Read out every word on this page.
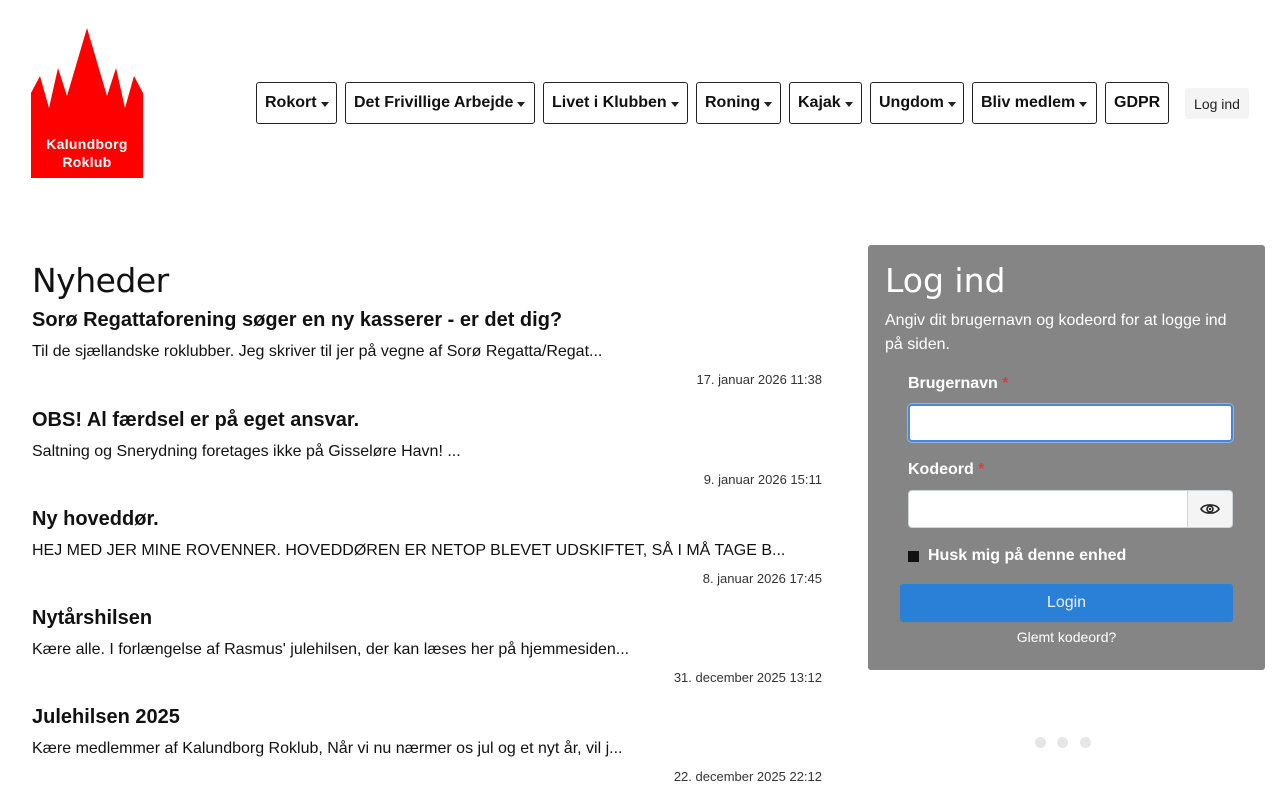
Kalundborg
Roklub
Rokort Det Frivillige Arbejde Livet i Klubben Roning Kajak Ungdom Bliv medlem GDPR	Log ind
Nyheder
Sorø Regattaforening søger en ny kasserer - er det dig?
Til de sjællandske roklubber. Jeg skriver til jer på vegne af Sorø Regatta/Regat...
17. januar 2026 11:38
OBS! Al færdsel er på eget ansvar.
Saltning og Snerydning foretages ikke på Gisseløre Havn! ...
9. januar 2026 15:11
Ny hoveddør.
HEJ MED JER MINE ROVENNER. HOVEDDØREN ER NETOP BLEVET UDSKIFTET, SÅ I MÅ TAGE B...
8. januar 2026 17:45
Nytårshilsen
Kære alle. I forlængelse af Rasmus' julehilsen, der kan læses her på hjemmesiden...
31. december 2025 13:12
Julehilsen 2025
Kære medlemmer af Kalundborg Roklub, Når vi nu nærmer os jul og et nyt år, vil j...
22. december 2025 22:12
Log ind
Angiv dit brugernavn og kodeord for at logge ind på siden.
Brugernavn *
Kodeord *
Husk mig på denne enhed
Login
Glemt kodeord?
